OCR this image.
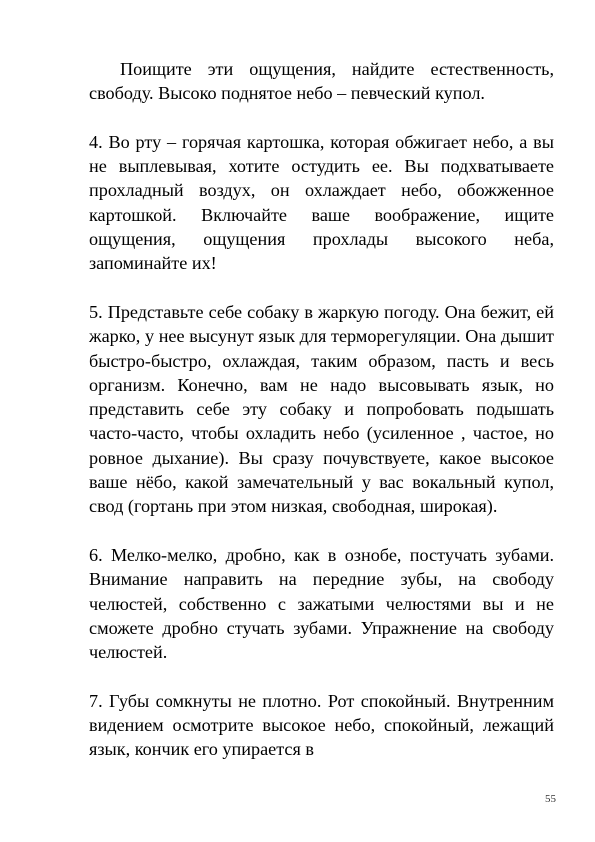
Поищите эти ощущения, найдите естественность, свободу. Высоко поднятое небо – певческий купол.

4. Во рту – горячая картошка, которая обжигает небо, а вы не выплевывая, хотите остудить ее. Вы подхватываете прохладный воздух, он охлаждает небо, обожженное картошкой. Включайте ваше воображение, ищите ощущения, ощущения прохлады высокого неба, запоминайте их!

5. Представьте себе собаку в жаркую погоду. Она бежит, ей жарко, у нее высунут язык для терморегуляции. Она дышит быстро-быстро, охлаждая, таким образом, пасть и весь организм. Конечно, вам не надо высовывать язык, но представить себе эту собаку и попробовать подышать часто-часто, чтобы охладить небо (усиленное , частое, но ровное дыхание). Вы сразу почувствуете, какое высокое ваше нёбо, какой замечательный у вас вокальный купол, свод (гортань при этом низкая, свободная, широкая).

6. Мелко-мелко, дробно, как в ознобе, постучать зубами. Внимание направить на передние зубы, на свободу челюстей, собственно с зажатыми челюстями вы и не сможете дробно стучать зубами. Упражнение на свободу челюстей.

7. Губы сомкнуты не плотно. Рот спокойный. Внутренним видением осмотрите высокое небо, спокойный, лежащий язык, кончик его упирается в

55
